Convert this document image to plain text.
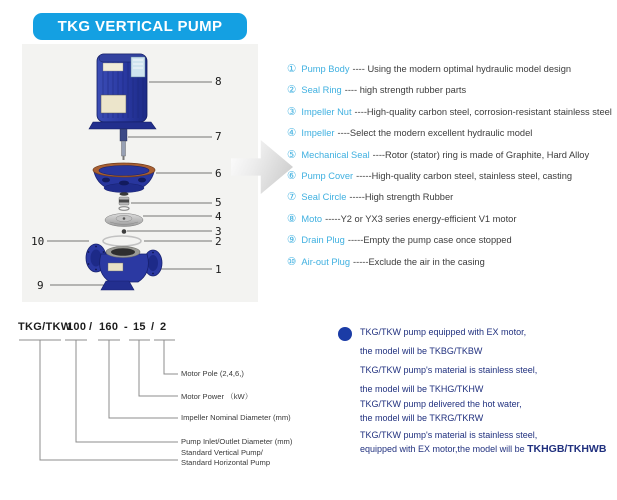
TKG VERTICAL PUMP
8
7
6
5
4
3
2
1
10
9
① Pump Body ---- Using the modern optimal hydraulic model design
② Seal Ring ---- high strength rubber parts
③ Impeller Nut ----High-quality carbon steel, corrosion-resistant stainless steel
④ Impeller ----Select the modern excellent hydraulic model
⑤ Mechanical Seal ----Rotor (stator) ring is made of Graphite, Hard Alloy
⑥ Pump Cover -----High-quality carbon steel, stainless steel, casting
⑦ Seal Circle -----High strength Rubber
⑧ Moto -----Y2 or YX3 series energy-efficient V1 motor
⑨ Drain Plug -----Empty the pump case once stopped
⑩ Air-out Plug -----Exclude the air in the casing
TKG/TKW
100 / 160 - 15 / 2
Motor Pole (2,4,6,)
Motor Power （kW）
Impeller Nominal Diameter (mm)
Pump Inlet/Outlet Diameter (mm)
Standard Vertical Pump/
Standard Horizontal Pump
TKG/TKW pump equipped with EX motor,
the model will be TKBG/TKBW
TKG/TKW pump's material is stainless steel,
the model will be TKHG/TKHW
TKG/TKW pump delivered the hot water,
the model will be TKRG/TKRW
TKG/TKW pump's material is stainless steel,
equipped with EX motor,the model will be TKHGB/TKHWB
